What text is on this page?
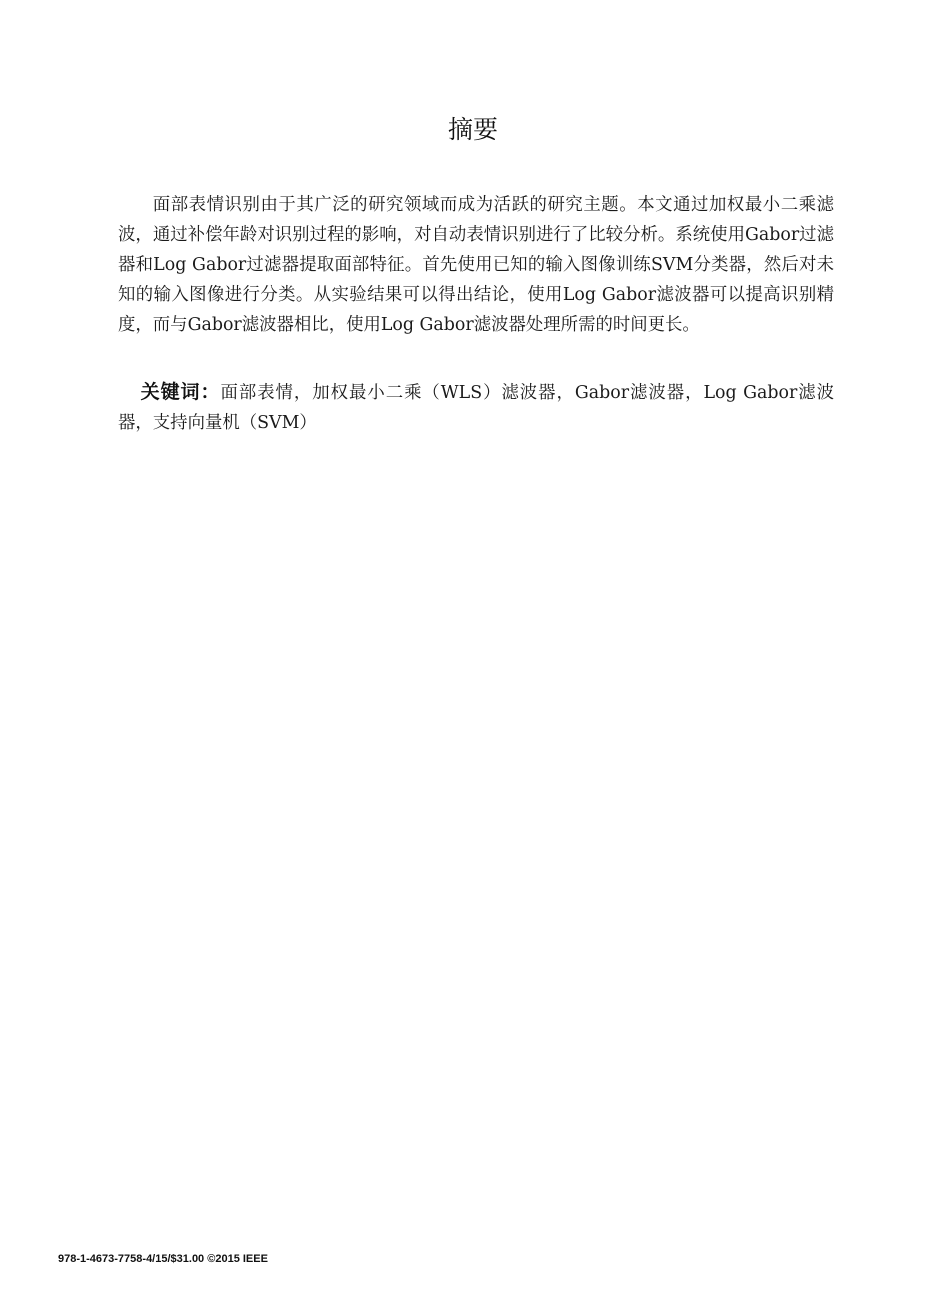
摘要

面部表情识别由于其广泛的研究领域而成为活跃的研究主题。本文通过加权最小二乘滤波，通过补偿年龄对识别过程的影响，对自动表情识别进行了比较分析。系统使用Gabor过滤器和Log Gabor过滤器提取面部特征。首先使用已知的输入图像训练SVM分类器，然后对未知的输入图像进行分类。从实验结果可以得出结论，使用Log Gabor滤波器可以提高识别精度，而与Gabor滤波器相比，使用Log Gabor滤波器处理所需的时间更长。

关键词：面部表情，加权最小二乘（WLS）滤波器，Gabor滤波器，Log Gabor滤波器，支持向量机（SVM）

978-1-4673-7758-4/15/$31.00 ©2015 IEEE
